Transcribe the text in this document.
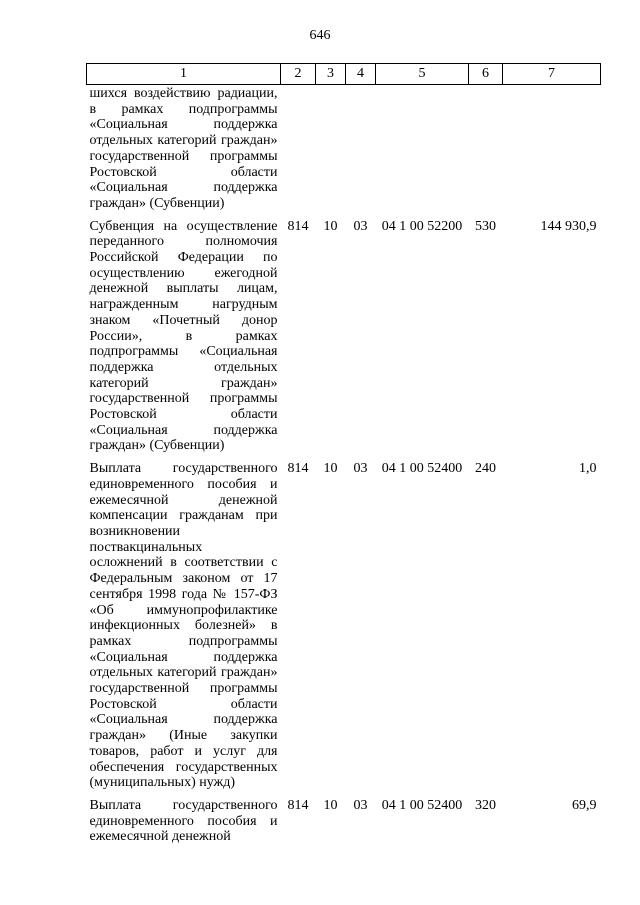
646
1	2	3	4	5	6	7
шихся воздействию радиации, в рамках подпрограммы «Социальная поддержка отдельных категорий граждан» государственной программы Ростовской области «Социальная поддержка граждан» (Субвенции)						
Субвенция на осуществление переданного полномочия Российской Федерации по осуществлению ежегодной денежной выплаты лицам, награжденным нагрудным знаком «Почетный донор России», в рамках подпрограммы «Социальная поддержка отдельных категорий граждан» государственной программы Ростовской области «Социальная поддержка граждан» (Субвенции)	814	10	03	04 1 00 52200	530	144 930,9
Выплата государственного единовременного пособия и ежемесячной денежной компенсации гражданам при возникновении поствакцинальных осложнений в соответствии с Федеральным законом от 17 сентября 1998 года № 157-ФЗ «Об иммунопрофилактике инфекционных болезней» в рамках подпрограммы «Социальная поддержка отдельных категорий граждан» государственной программы Ростовской области «Социальная поддержка граждан» (Иные закупки товаров, работ и услуг для обеспечения государственных (муниципальных) нужд)	814	10	03	04 1 00 52400	240	1,0
Выплата государственного единовременного пособия и ежемесячной денежной	814	10	03	04 1 00 52400	320	69,9
